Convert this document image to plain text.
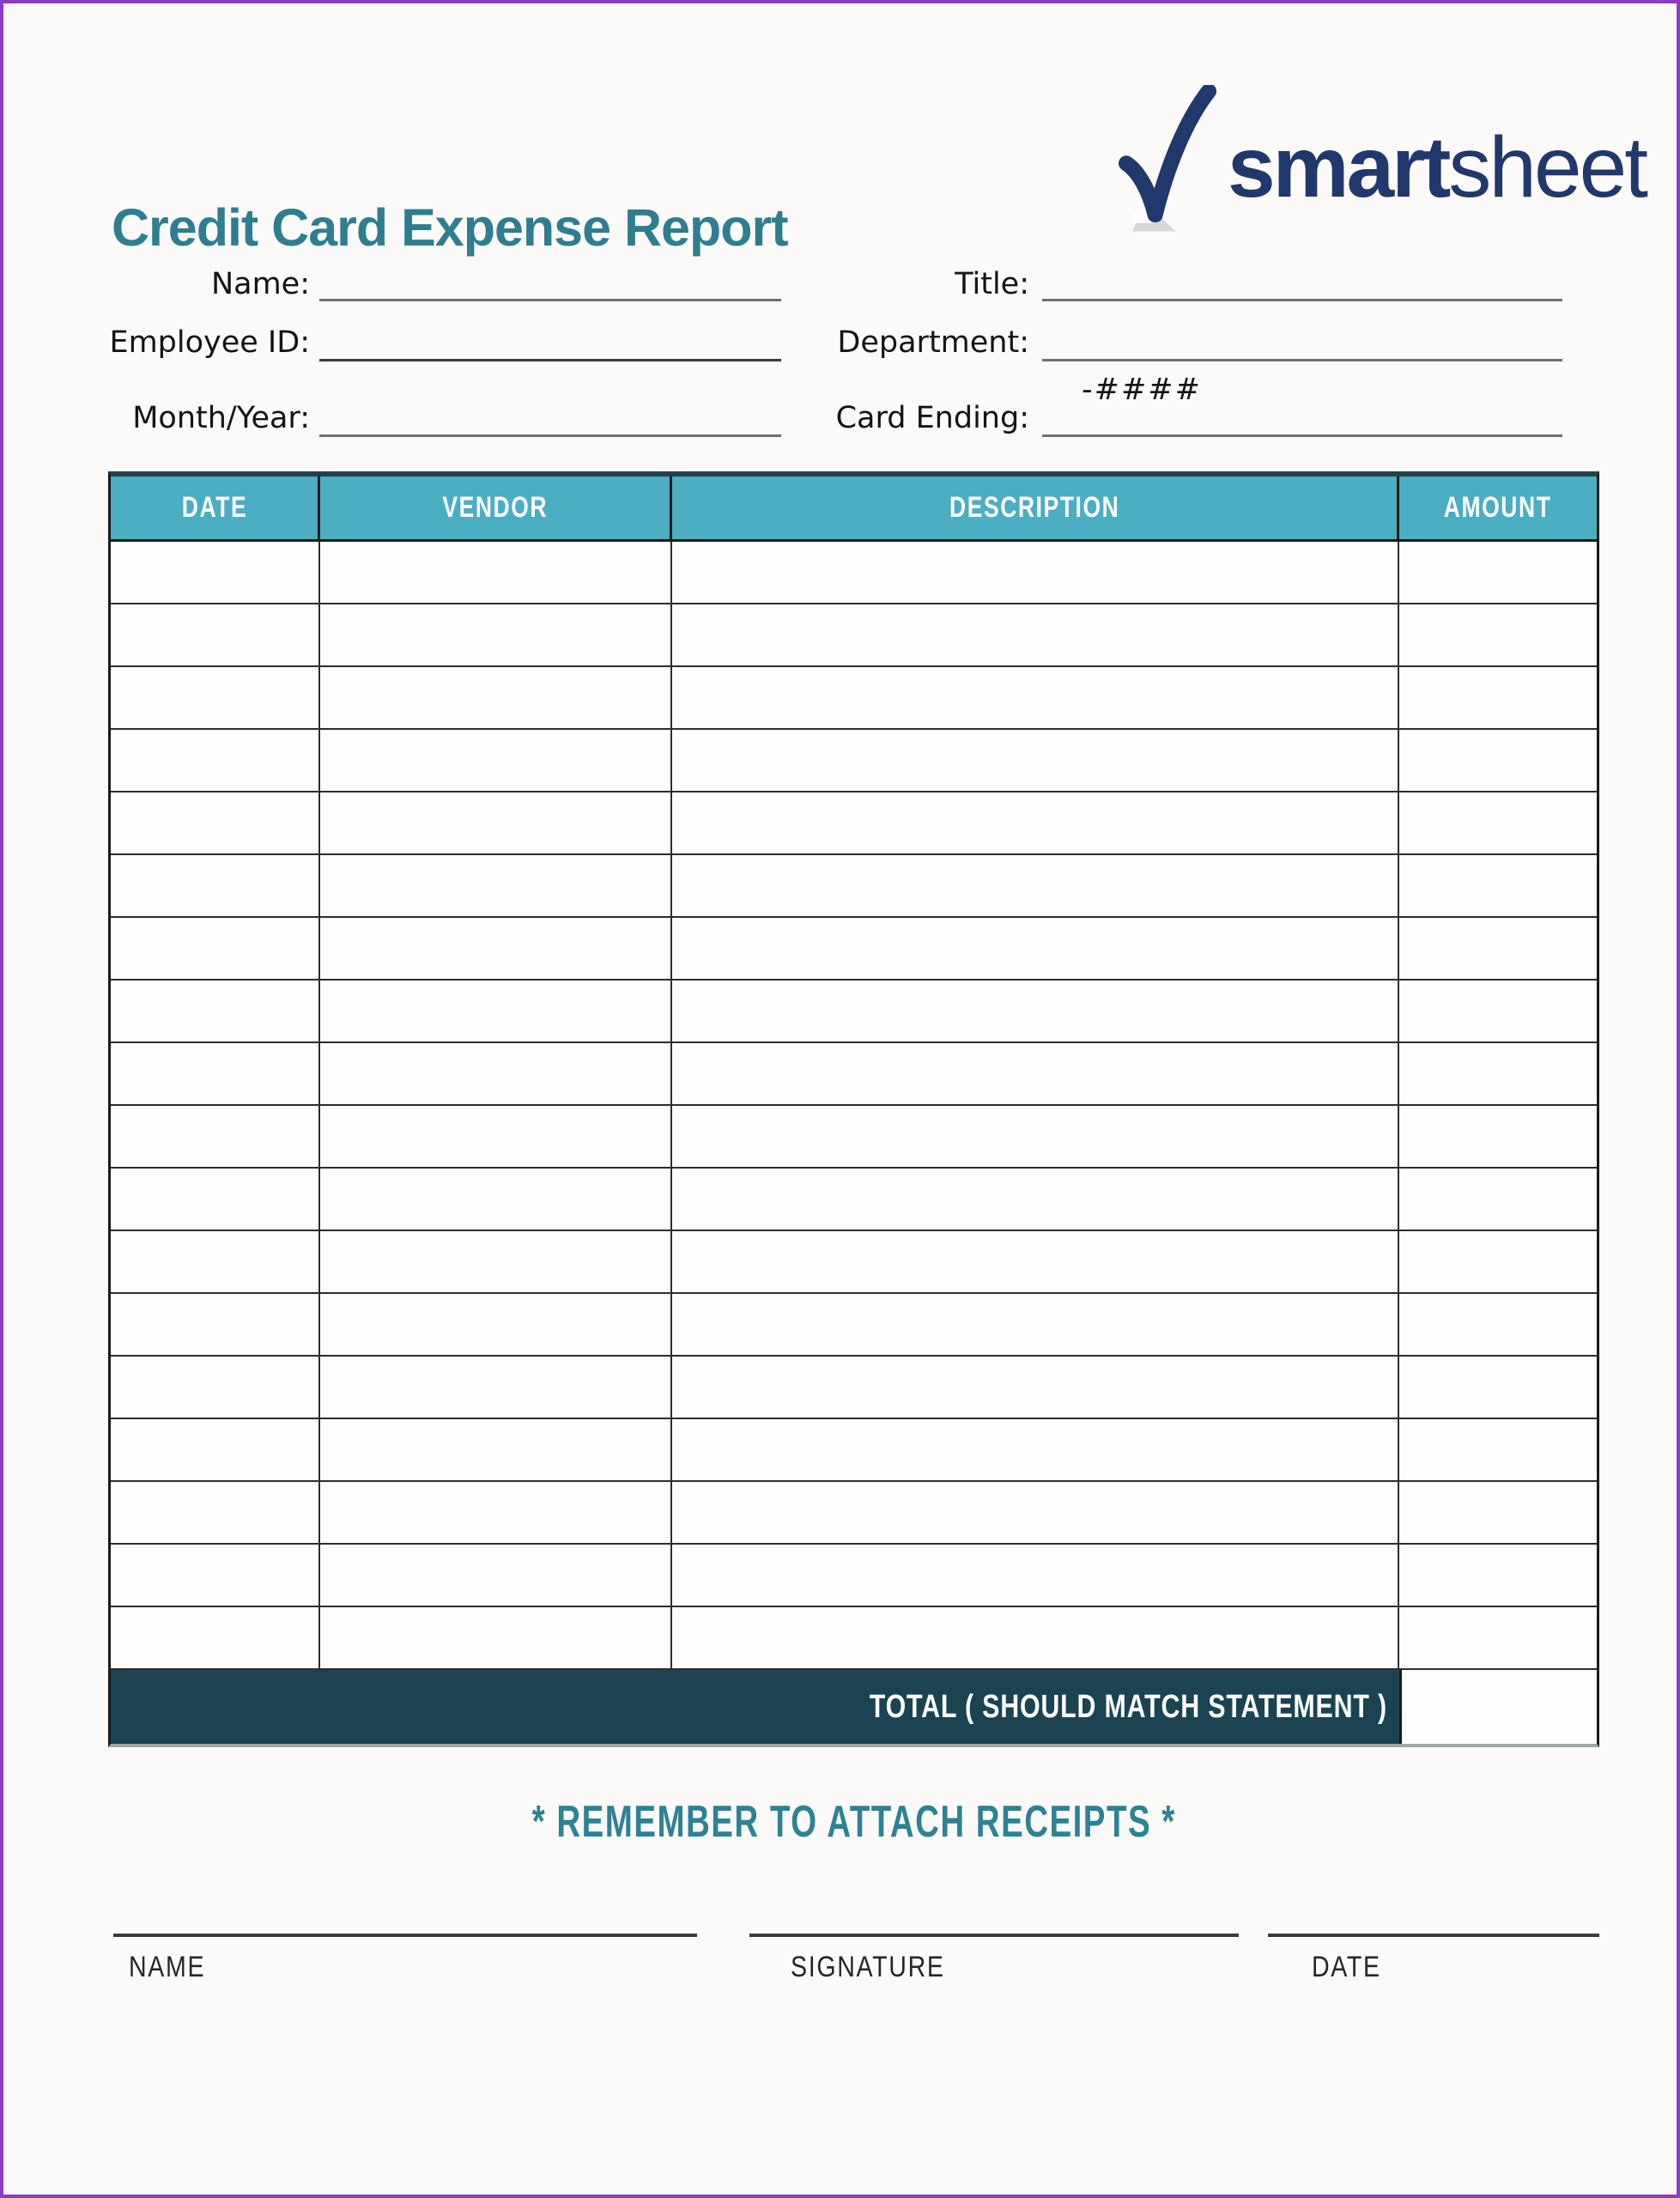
Credit Card Expense Report
smartsheet
Name:
Employee ID:
Month/Year:
Title:
Department:
Card Ending:
-####
DATE	VENDOR	DESCRIPTION	AMOUNT
TOTAL ( SHOULD MATCH STATEMENT )
* REMEMBER TO ATTACH RECEIPTS *
NAME	SIGNATURE	DATE
